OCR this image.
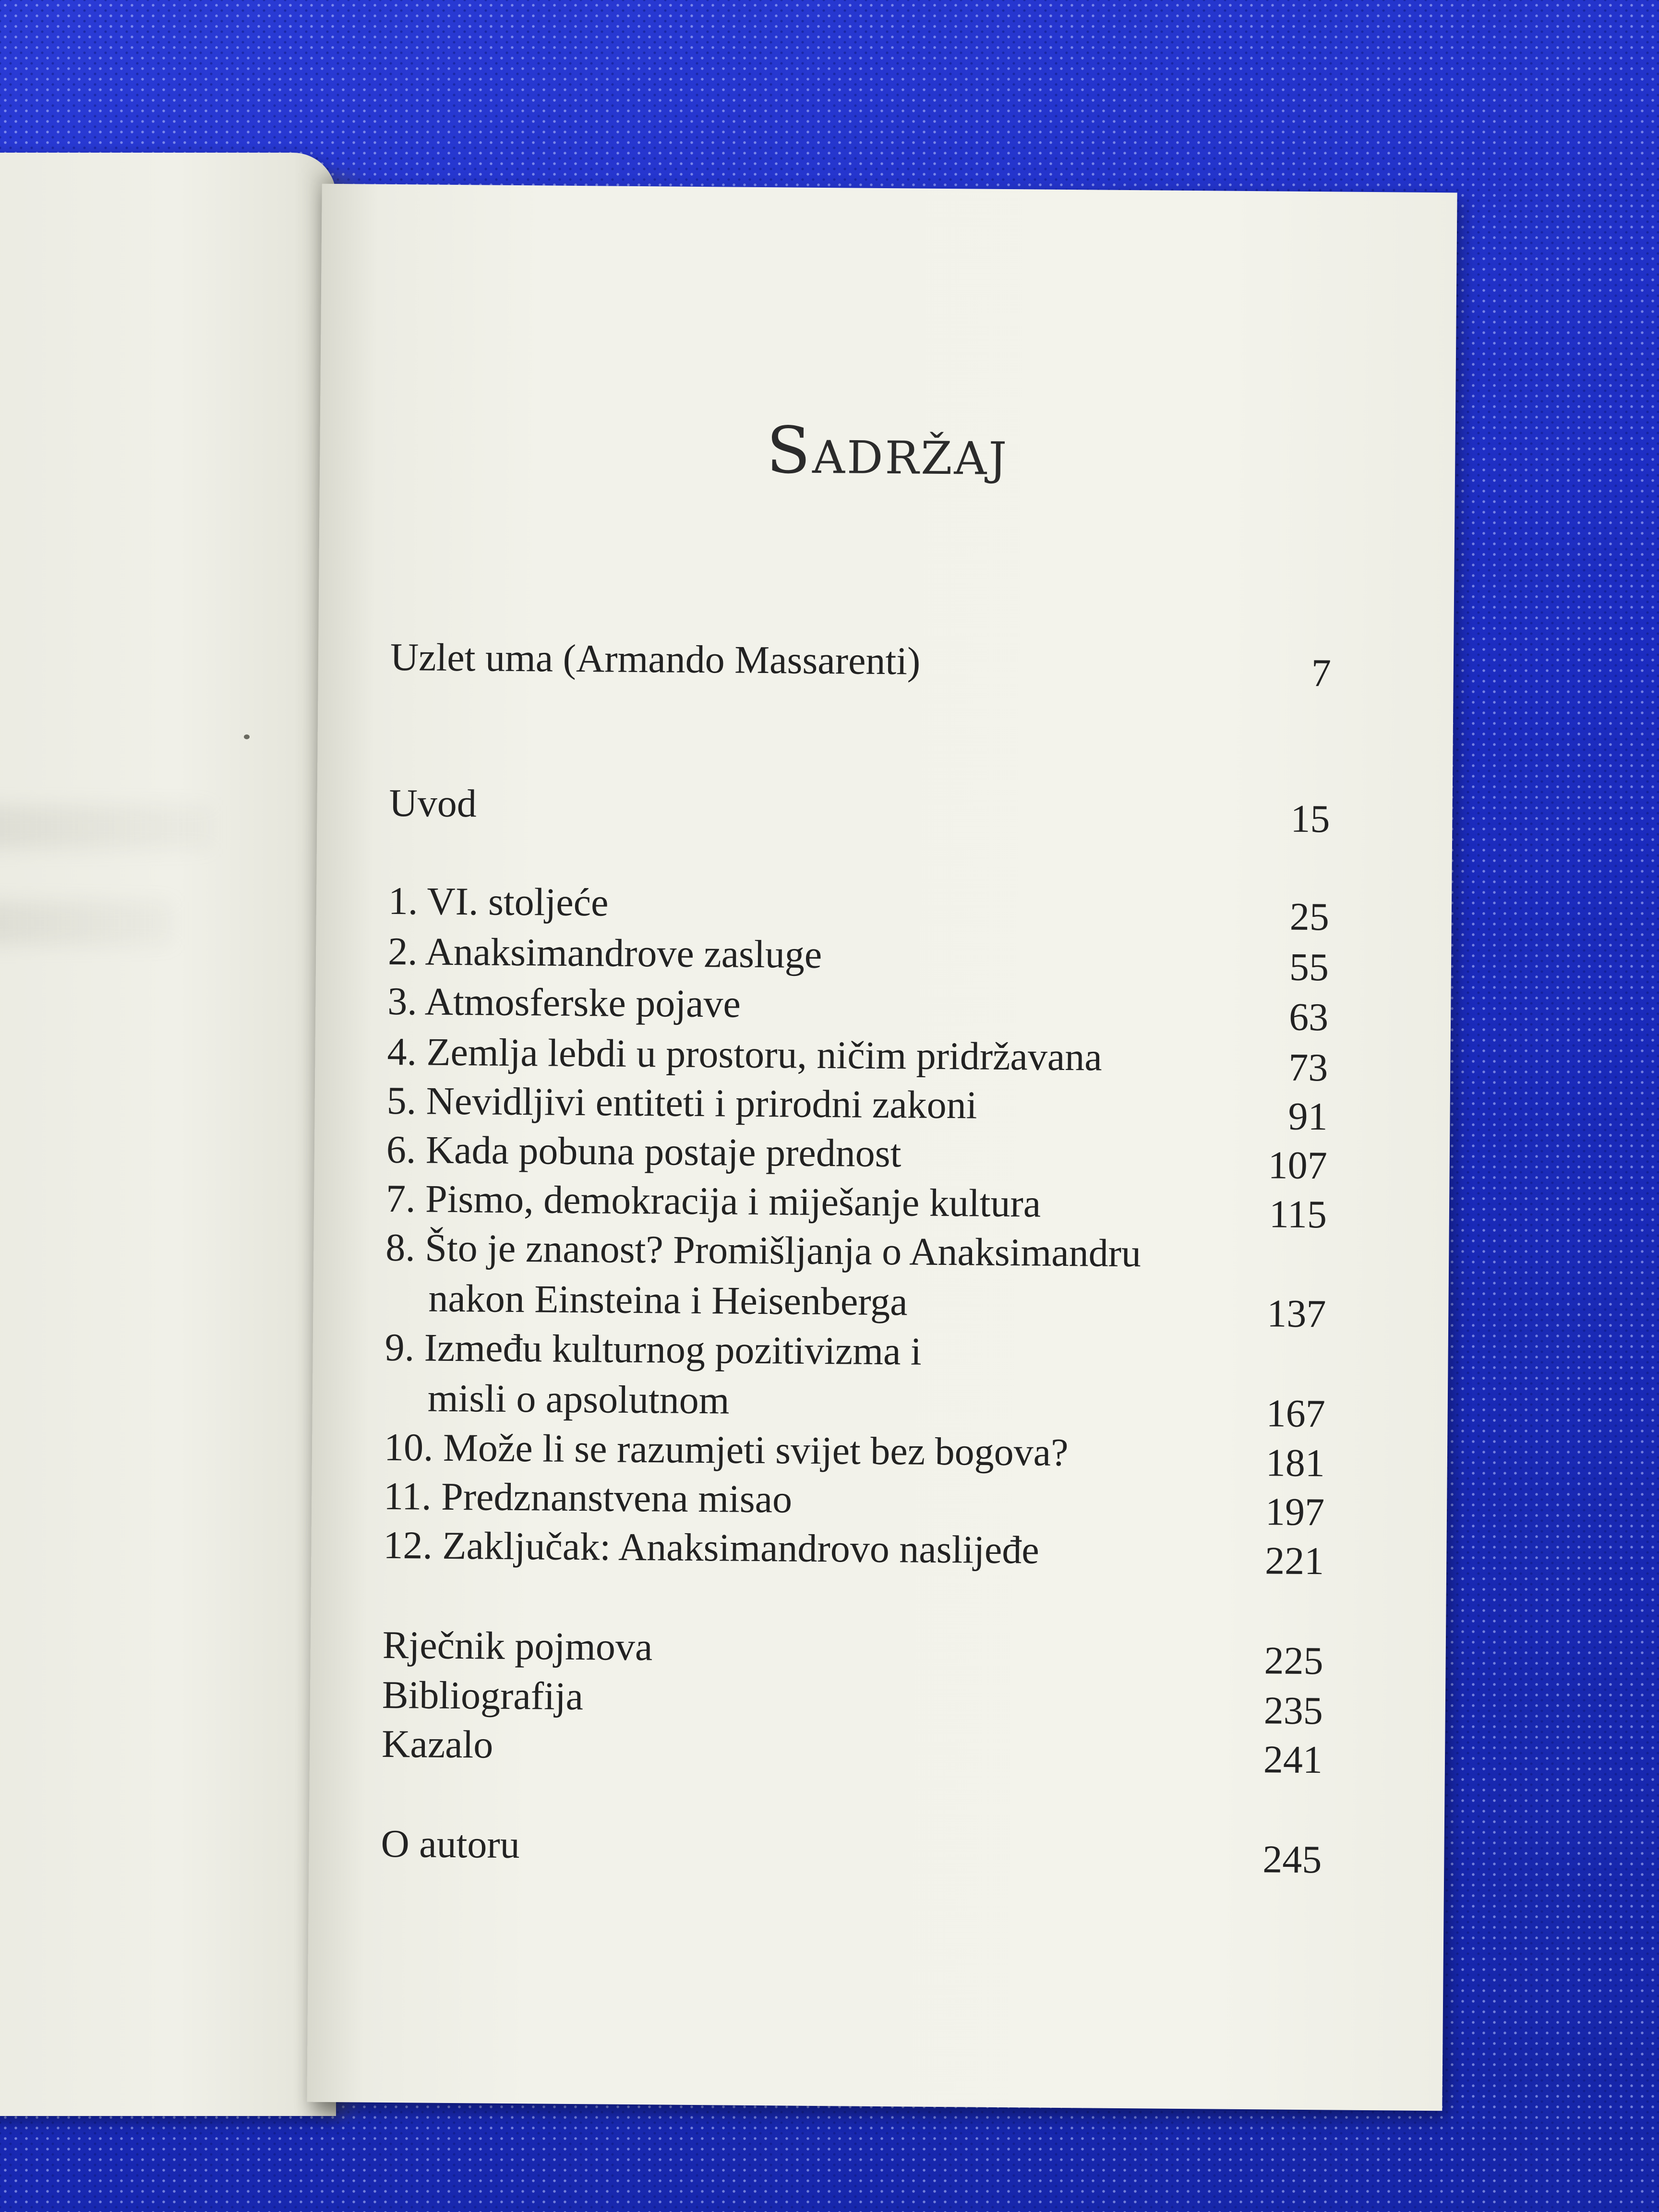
Sadržaj
Uzlet uma (Armando Massarenti)	7
Uvod	15
1. VI. stoljeće	25
2. Anaksimandrove zasluge	55
3. Atmosferske pojave	63
4. Zemlja lebdi u prostoru, ničim pridržavana	73
5. Nevidljivi entiteti i prirodni zakoni	91
6. Kada pobuna postaje prednost	107
7. Pismo, demokracija i miješanje kultura	115
8. Što je znanost? Promišljanja o Anaksimandru
nakon Einsteina i Heisenberga	137
9. Između kulturnog pozitivizma i
misli o apsolutnom	167
10. Može li se razumjeti svijet bez bogova?	181
11. Predznanstvena misao	197
12. Zaključak: Anaksimandrovo naslijeđe	221
Rječnik pojmova	225
Bibliografija	235
Kazalo	241
O autoru	245
